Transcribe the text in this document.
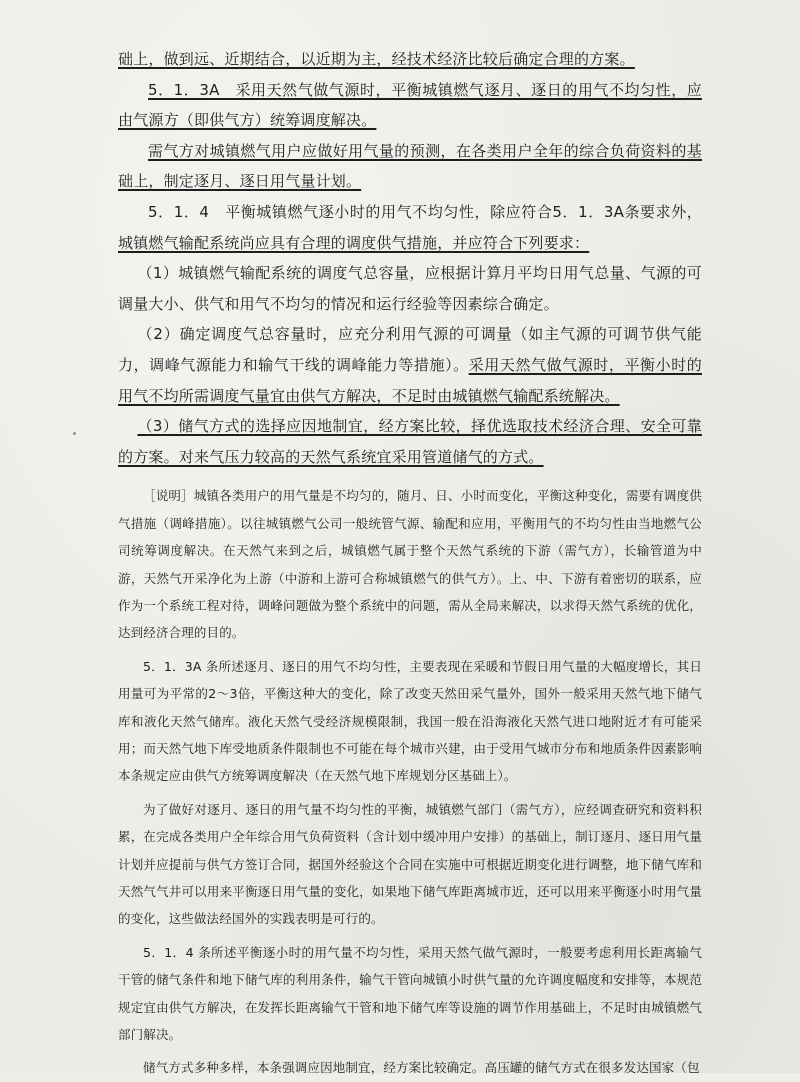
础上，做到远、近期结合，以近期为主，经技术经济比较后确定合理的方案。

5．1．3A　采用天然气做气源时，平衡城镇燃气逐月、逐日的用气不均匀性，应由气源方（即供气方）统筹调度解决。

需气方对城镇燃气用户应做好用气量的预测，在各类用户全年的综合负荷资料的基础上，制定逐月、逐日用气量计划。

5．1．4　平衡城镇燃气逐小时的用气不均匀性，除应符合5．1．3A条要求外，城镇燃气输配系统尚应具有合理的调度供气措施，并应符合下列要求：

（1）城镇燃气输配系统的调度气总容量，应根据计算月平均日用气总量、气源的可调量大小、供气和用气不均匀的情况和运行经验等因素综合确定。

（2）确定调度气总容量时，应充分利用气源的可调量（如主气源的可调节供气能力，调峰气源能力和输气干线的调峰能力等措施）。采用天然气做气源时，平衡小时的用气不均所需调度气量宜由供气方解决，不足时由城镇燃气输配系统解决。

（3）储气方式的选择应因地制宜，经方案比较，择优选取技术经济合理、安全可靠的方案。对来气压力较高的天然气系统宜采用管道储气的方式。

［说明］城镇各类用户的用气量是不均匀的，随月、日、小时而变化，平衡这种变化，需要有调度供气措施（调峰措施）。以往城镇燃气公司一般统管气源、输配和应用，平衡用气的不均匀性由当地燃气公司统筹调度解决。在天然气来到之后，城镇燃气属于整个天然气系统的下游（需气方），长输管道为中游，天然气开采净化为上游（中游和上游可合称城镇燃气的供气方）。上、中、下游有着密切的联系，应作为一个系统工程对待，调峰问题做为整个系统中的问题，需从全局来解决，以求得天然气系统的优化，达到经济合理的目的。

5．1．3A 条所述逐月、逐日的用气不均匀性，主要表现在采暖和节假日用气量的大幅度增长，其日用量可为平常的2～3倍，平衡这种大的变化，除了改变天然田采气量外，国外一般采用天然气地下储气库和液化天然气储库。液化天然气受经济规模限制，我国一般在沿海液化天然气进口地附近才有可能采用；而天然气地下库受地质条件限制也不可能在每个城市兴建，由于受用气城市分布和地质条件因素影响本条规定应由供气方统筹调度解决（在天然气地下库规划分区基础上）。

为了做好对逐月、逐日的用气量不均匀性的平衡，城镇燃气部门（需气方），应经调查研究和资料积累，在完成各类用户全年综合用气负荷资料（含计划中缓冲用户安排）的基础上，制订逐月、逐日用气量计划并应提前与供气方签订合同，据国外经验这个合同在实施中可根据近期变化进行调整，地下储气库和天然气气井可以用来平衡逐日用气量的变化，如果地下储气库距离城市近，还可以用来平衡逐小时用气量的变化，这些做法经国外的实践表明是可行的。

5．1．4 条所述平衡逐小时的用气量不均匀性，采用天然气做气源时，一般要考虑利用长距离输气干管的储气条件和地下储气库的利用条件，输气干管向城镇小时供气量的允许调度幅度和安排等，本规范规定宜由供气方解决，在发挥长距离输气干管和地下储气库等设施的调节作用基础上，不足时由城镇燃气部门解决。

储气方式多种多样，本条强调应因地制宜，经方案比较确定。高压罐的储气方式在很多发达国家（包
